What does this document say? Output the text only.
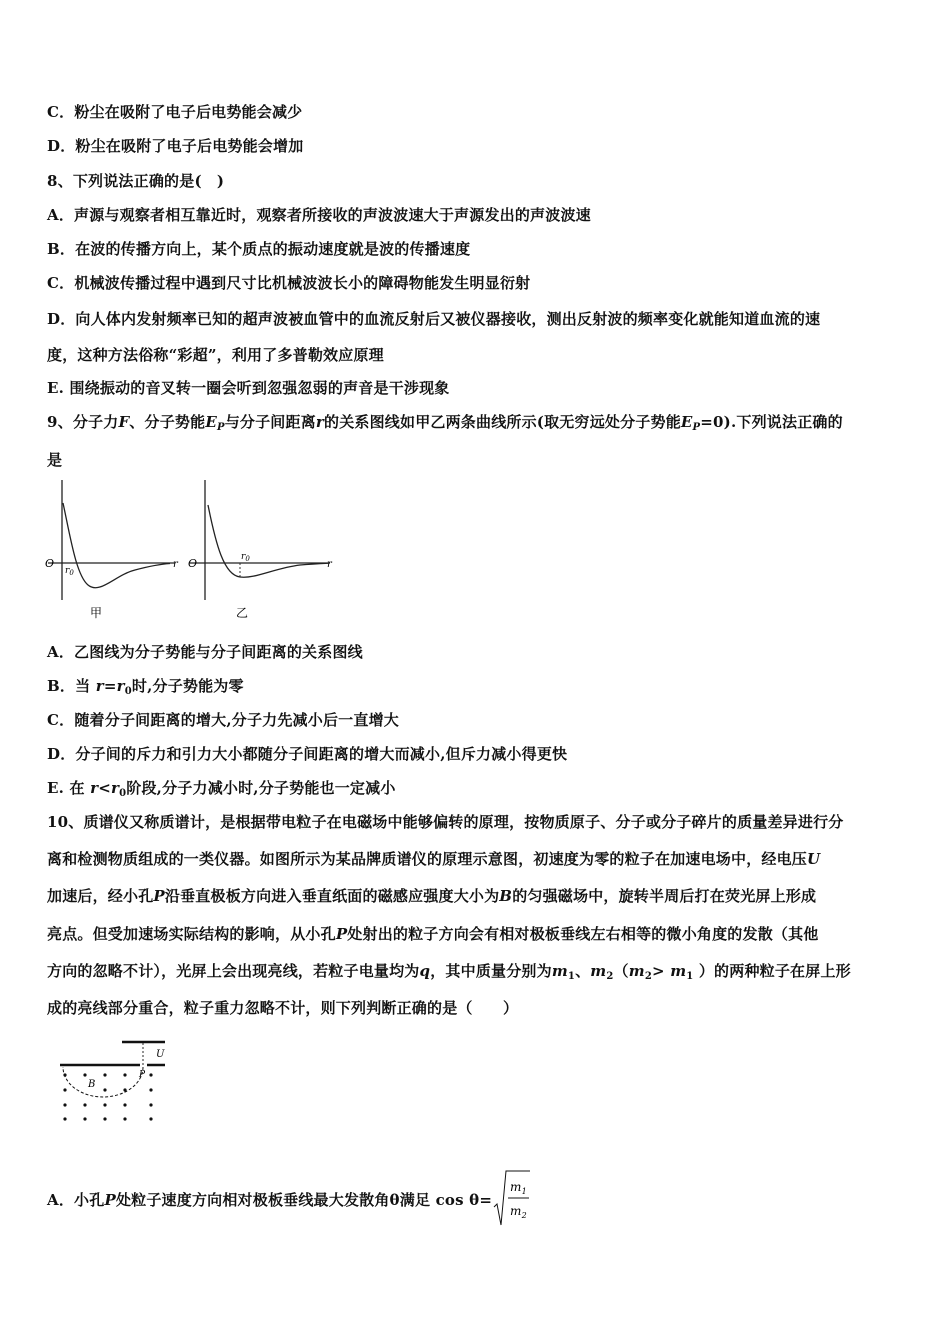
C．粉尘在吸附了电子后电势能会减少
D．粉尘在吸附了电子后电势能会增加
8、下列说法正确的是(　)
A．声源与观察者相互靠近时，观察者所接收的声波波速大于声源发出的声波波速
B．在波的传播方向上，某个质点的振动速度就是波的传播速度
C．机械波传播过程中遇到尺寸比机械波波长小的障碍物能发生明显衍射
D．向人体内发射频率已知的超声波被血管中的血流反射后又被仪器接收，测出反射波的频率变化就能知道血流的速
度，这种方法俗称“彩超”，利用了多普勒效应原理
E. 围绕振动的音叉转一圈会听到忽强忽弱的声音是干涉现象
9、分子力F、分子势能$E_P$与分子间距离r的关系图线如甲乙两条曲线所示(取无穷远处分子势能$E_P=0$).下列说法正确的
是
O
$r_0$
r
甲
O	$r_0$	r
乙
A．乙图线为分子势能与分子间距离的关系图线
B．当 $r=r_0$时,分子势能为零
C．随着分子间距离的增大,分子力先减小后一直增大
D．分子间的斥力和引力大小都随分子间距离的增大而减小,但斥力减小得更快
E. 在 $r<r_0$阶段,分子力减小时,分子势能也一定减小
10、质谱仪又称质谱计，是根据带电粒子在电磁场中能够偏转的原理，按物质原子、分子或分子碎片的质量差异进行分
离和检测物质组成的一类仪器。如图所示为某品牌质谱仪的原理示意图，初速度为零的粒子在加速电场中，经电压U
加速后，经小孔P沿垂直极板方向进入垂直纸面的磁感应强度大小为B的匀强磁场中，旋转半周后打在荧光屏上形成
亮点。但受加速场实际结构的影响，从小孔P处射出的粒子方向会有相对极板垂线左右相等的微小角度的发散（其他
方向的忽略不计），光屏上会出现亮线，若粒子电量均为q，其中质量分别为$m_1$、$m_2(m_2> m_1$ ）的两种粒子在屏上形
成的亮线部分重合，粒子重力忽略不计，则下列判断正确的是（　　）
U
P
B
A．小孔P处粒子速度方向相对极板垂线最大发散角θ满足 cos θ=
$m_1$
$m_2$
